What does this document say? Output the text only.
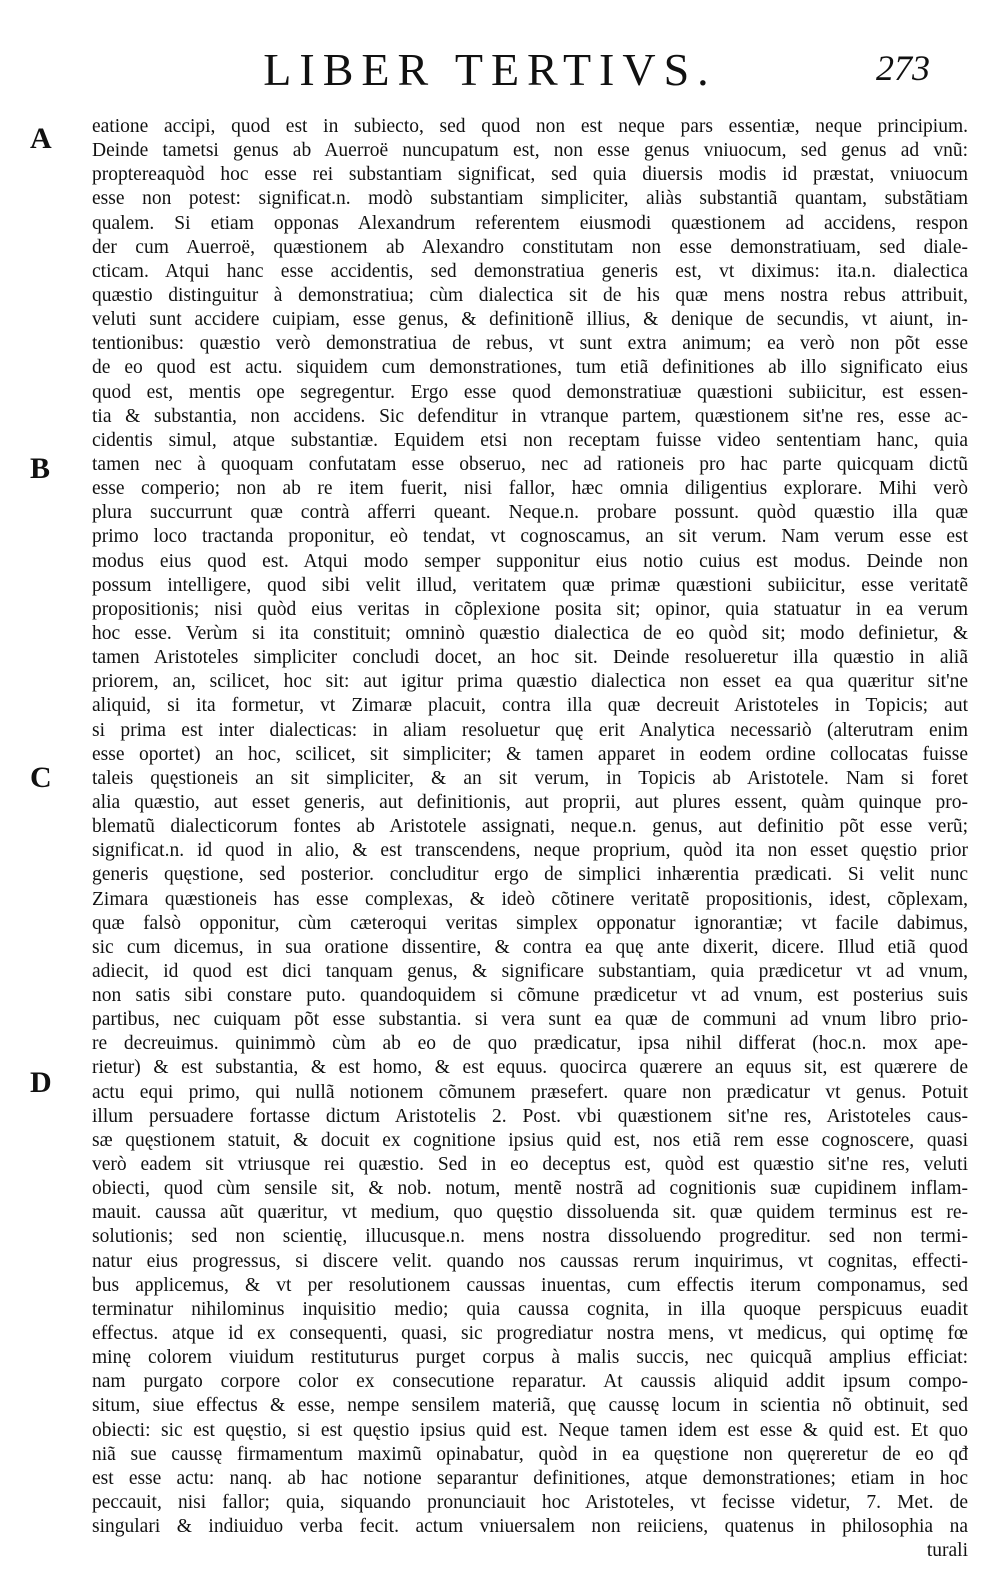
LIBER TERTIVS.	273
A
B
C
D
eatione accipi, quod est in subiecto, sed quod non est neque pars essentiæ, neque principium.
Deinde tametsi genus ab Auerroë nuncupatum est, non esse genus vniuocum, sed genus ad vnũ:
proptereaquòd hoc esse rei substantiam significat, sed quia diuersis modis id præstat, vniuocum
esse non potest: significat.n. modò substantiam simpliciter, aliàs substantiã quantam, substãtiam
qualem. Si etiam opponas Alexandrum referentem eiusmodi quæstionem ad accidens, respon
der cum Auerroë, quæstionem ab Alexandro constitutam non esse demonstratiuam, sed diale-
cticam. Atqui hanc esse accidentis, sed demonstratiua generis est, vt diximus: ita.n. dialectica
quæstio distinguitur à demonstratiua; cùm dialectica sit de his quæ mens nostra rebus attribuit,
veluti sunt accidere cuipiam, esse genus, & definitionẽ illius, & denique de secundis, vt aiunt, in-
tentionibus: quæstio verò demonstratiua de rebus, vt sunt extra animum; ea verò non põt esse
de eo quod est actu. siquidem cum demonstrationes, tum etiã definitiones ab illo significato eius
quod est, mentis ope segregentur. Ergo esse quod demonstratiuæ quæstioni subiicitur, est essen-
tia & substantia, non accidens. Sic defenditur in vtranque partem, quæstionem sit'ne res, esse ac-
cidentis simul, atque substantiæ. Equidem etsi non receptam fuisse video sententiam hanc, quia
tamen nec à quoquam confutatam esse obseruo, nec ad rationeis pro hac parte quicquam dictũ
esse comperio; non ab re item fuerit, nisi fallor, hæc omnia diligentius explorare. Mihi verò
plura succurrunt quæ contrà afferri queant. Neque.n. probare possunt. quòd quæstio illa quæ
primo loco tractanda proponitur, eò tendat, vt cognoscamus, an sit verum. Nam verum esse est
modus eius quod est. Atqui modo semper supponitur eius notio cuius est modus. Deinde non
possum intelligere, quod sibi velit illud, veritatem quæ primæ quæstioni subiicitur, esse veritatẽ
propositionis; nisi quòd eius veritas in cõplexione posita sit; opinor, quia statuatur in ea verum
hoc esse. Verùm si ita constituit; omninò quæstio dialectica de eo quòd sit; modo definietur, &
tamen Aristoteles simpliciter concludi docet, an hoc sit. Deinde resolueretur illa quæstio in aliã
priorem, an, scilicet, hoc sit: aut igitur prima quæstio dialectica non esset ea qua quæritur sit'ne
aliquid, si ita formetur, vt Zimaræ placuit, contra illa quæ decreuit Aristoteles in Topicis; aut
si prima est inter dialecticas: in aliam resoluetur quę erit Analytica necessariò (alterutram enim
esse oportet) an hoc, scilicet, sit simpliciter; & tamen apparet in eodem ordine collocatas fuisse
taleis quęstioneis an sit simpliciter, & an sit verum, in Topicis ab Aristotele. Nam si foret
alia quæstio, aut esset generis, aut definitionis, aut proprii, aut plures essent, quàm quinque pro-
blematũ dialecticorum fontes ab Aristotele assignati, neque.n. genus, aut definitio põt esse verũ;
significat.n. id quod in alio, & est transcendens, neque proprium, quòd ita non esset quęstio prior
generis quęstione, sed posterior. concluditur ergo de simplici inhærentia prædicati. Si velit nunc
Zimara quæstioneis has esse complexas, & ideò cõtinere veritatẽ propositionis, idest, cõplexam,
quæ falsò opponitur, cùm cæteroqui veritas simplex opponatur ignorantiæ; vt facile dabimus,
sic cum dicemus, in sua oratione dissentire, & contra ea quę ante dixerit, dicere. Illud etiã quod
adiecit, id quod est dici tanquam genus, & significare substantiam, quia prædicetur vt ad vnum,
non satis sibi constare puto. quandoquidem si cõmune prædicetur vt ad vnum, est posterius suis
partibus, nec cuiquam põt esse substantia. si vera sunt ea quæ de communi ad vnum libro prio-
re decreuimus. quinimmò cùm ab eo de quo prædicatur, ipsa nihil differat (hoc.n. mox ape-
rietur) & est substantia, & est homo, & est equus. quocirca quærere an equus sit, est quærere de
actu equi primo, qui nullã notionem cõmunem præsefert. quare non prædicatur vt genus. Potuit
illum persuadere fortasse dictum Aristotelis 2. Post. vbi quæstionem sit'ne res, Aristoteles caus-
sæ quęstionem statuit, & docuit ex cognitione ipsius quid est, nos etiã rem esse cognoscere, quasi
verò eadem sit vtriusque rei quæstio. Sed in eo deceptus est, quòd est quæstio sit'ne res, veluti
obiecti, quod cùm sensile sit, & nob. notum, mentẽ nostrã ad cognitionis suæ cupidinem inflam-
mauit. caussa aũt quæritur, vt medium, quo quęstio dissoluenda sit. quæ quidem terminus est re-
solutionis; sed non scientię, illucusque.n. mens nostra dissoluendo progreditur. sed non termi-
natur eius progressus, si discere velit. quando nos caussas rerum inquirimus, vt cognitas, effecti-
bus applicemus, & vt per resolutionem caussas inuentas, cum effectis iterum componamus, sed
terminatur nihilominus inquisitio medio; quia caussa cognita, in illa quoque perspicuus euadit
effectus. atque id ex consequenti, quasi, sic progrediatur nostra mens, vt medicus, qui optimę fœ
minę colorem viuidum restituturus purget corpus à malis succis, nec quicquã amplius efficiat:
nam purgato corpore color ex consecutione reparatur. At caussis aliquid addit ipsum compo-
situm, siue effectus & esse, nempe sensilem materiã, quę caussę locum in scientia nõ obtinuit, sed
obiecti: sic est quęstio, si est quęstio ipsius quid est. Neque tamen idem est esse & quid est. Et quo
niã sue caussę firmamentum maximũ opinabatur, quòd in ea quęstione non quęreretur de eo qđ
est esse actu: nanq. ab hac notione separantur definitiones, atque demonstrationes; etiam in hoc
peccauit, nisi fallor; quia, siquando pronunciauit hoc Aristoteles, vt fecisse videtur, 7. Met. de
singulari & indiuiduo verba fecit. actum vniuersalem non reiiciens, quatenus in philosophia na
turali
